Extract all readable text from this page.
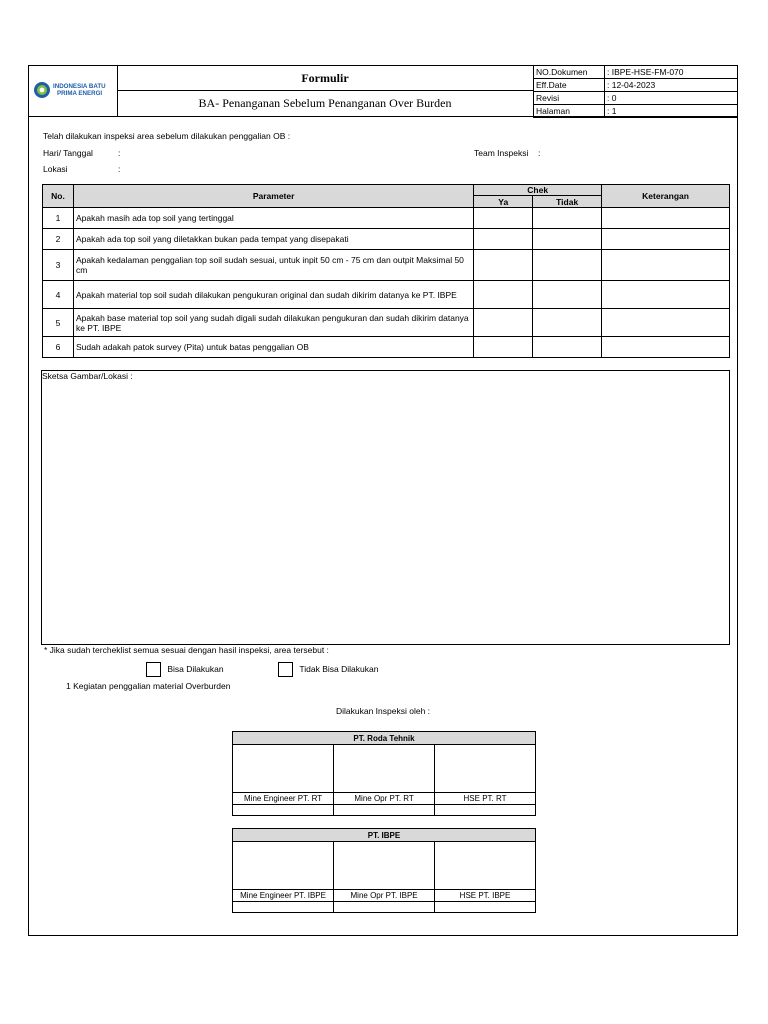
INDONESIA BATU
PRIMA ENERGI
Formulir
BA- Penanganan Sebelum Penanganan Over Burden
NO.Dokumen	: IBPE-HSE-FM-070
Eff.Date	: 12-04-2023
Revisi	: 0
Halaman	: 1
Telah dilakukan inspeksi area sebelum dilakukan penggalian OB :
Hari/ Tanggal	:	Team Inspeksi :
Lokasi	:
No.	Parameter	Chek		Keterangan
		Ya	Tidak	
1	Apakah masih ada top soil yang tertinggal			
2	Apakah ada top soil yang diletakkan bukan pada tempat yang disepakati			
3	Apakah kedalaman penggalian top soil sudah sesuai, untuk inpit 50 cm - 75 cm dan outpit Maksimal 50 cm			
4	Apakah material top soil sudah dilakukan pengukuran original dan sudah dikirim datanya ke PT. IBPE			
5	Apakah base material top soil yang sudah digali sudah dilakukan pengukuran dan sudah dikirim datanya ke PT. IBPE			
6	Sudah adakah patok survey (Pita) untuk batas penggalian OB			
Sketsa Gambar/Lokasi :
* Jika sudah tercheklist semua sesuai dengan hasil inspeksi, area tersebut :
Bisa Dilakukan	Tidak Bisa Dilakukan
1 Kegiatan penggalian material Overburden
Dilakukan Inspeksi oleh :
PT. Roda Tehnik		

Mine Engineer PT. RT	Mine Opr PT. RT	HSE PT. RT

PT. IBPE		

Mine Engineer PT. IBPE	Mine Opr PT. IBPE	HSE PT. IBPE
